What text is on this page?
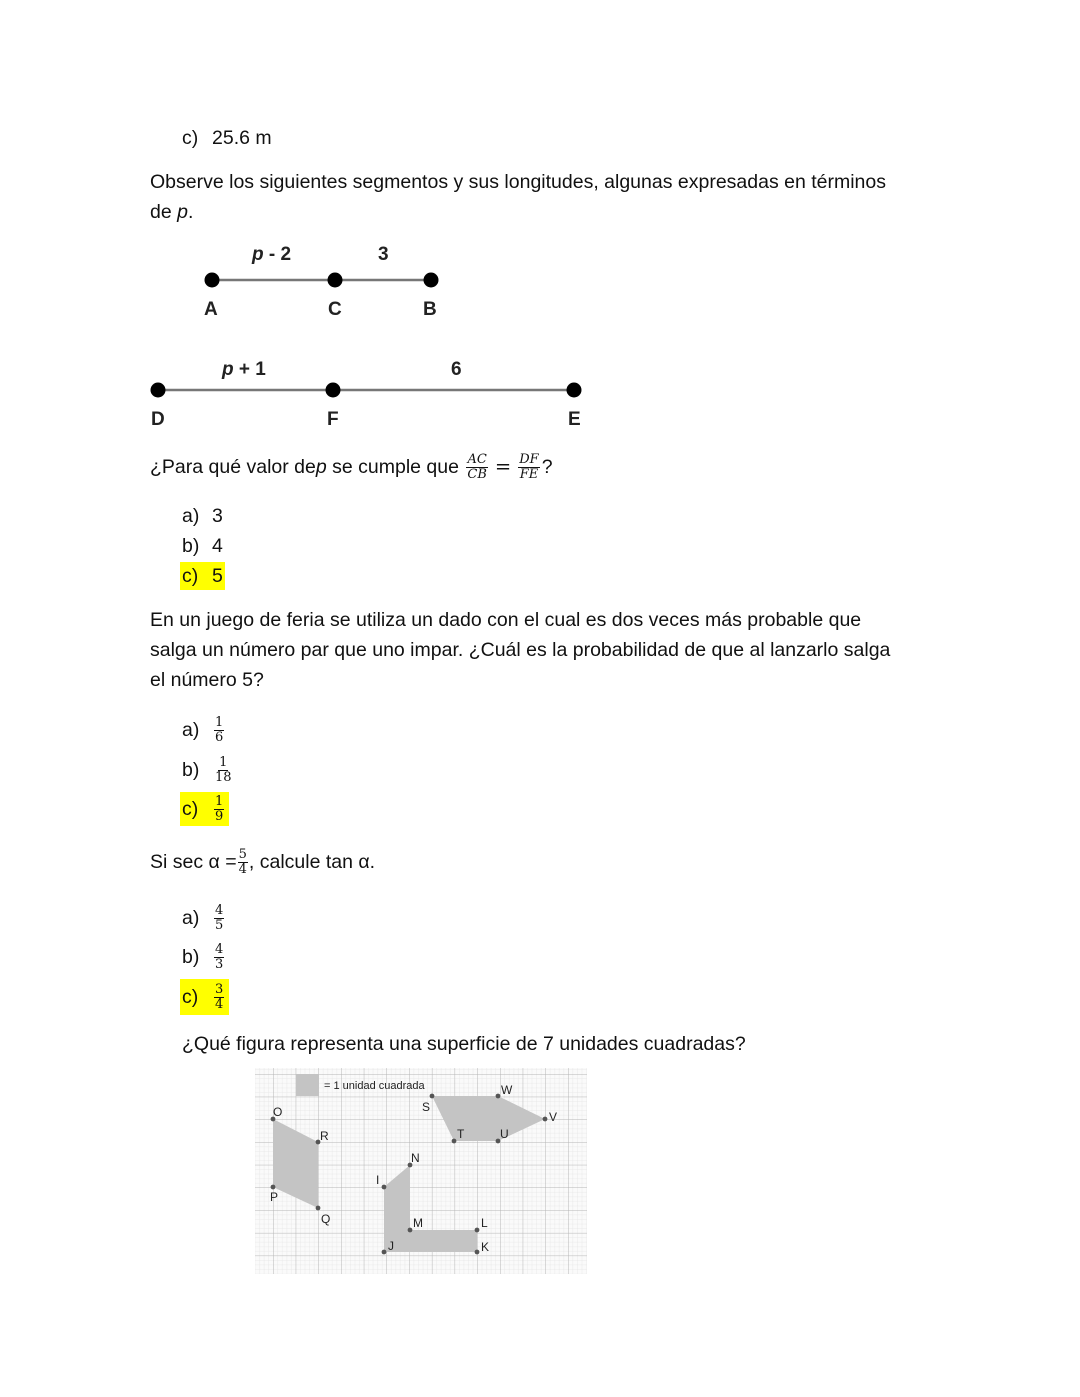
c) 25.6 m
Observe los siguientes segmentos y sus longitudes, algunas expresadas en términos
de p.
p - 2	3
A	C	B
p + 1	6
D	F	E
¿Para qué valor de p se cumple que $\frac{AC}{CB} = \frac{DF}{FE}$ ?
a) 3
b) 4
c) 5
En un juego de feria se utiliza un dado con el cual es dos veces más probable que
salga un número par que uno impar. ¿Cuál es la probabilidad de que al lanzarlo salga
el número 5?
a)	$\frac{1}{6}$
b)	$\frac{1}{18}$
c)	$\frac{1}{9}$
Si $\sec \alpha = \frac{5}{4}$ , calcule tan α.
a)	$\frac{4}{5}$
b)	$\frac{4}{3}$
c)	$\frac{3}{4}$
¿Qué figura representa una superficie de 7 unidades cuadradas?
= 1 unidad cuadrada
O
R
P
Q
S
W
V
T	U
N
I
M	L
J	K
